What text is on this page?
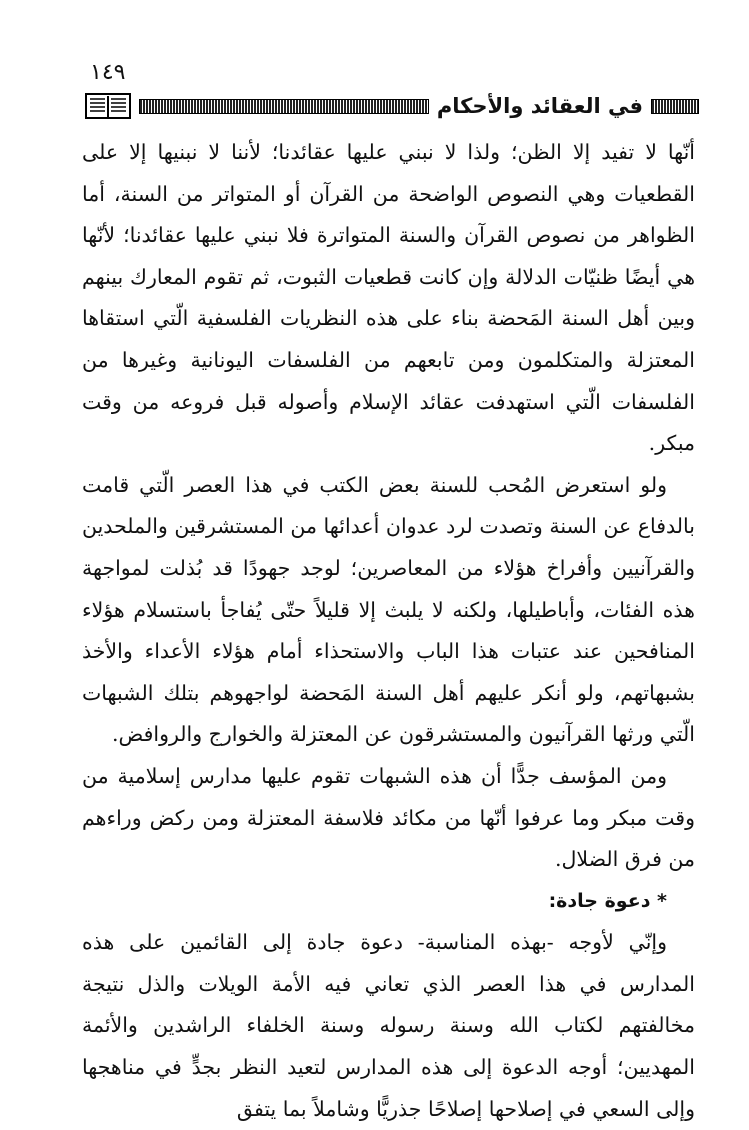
١٤٩
في العقائد والأحكام

أنّها لا تفيد إلا الظن؛ ولذا لا نبني عليها عقائدنا؛ لأننا لا نبنيها إلا على القطعيات وهي النصوص الواضحة من القرآن أو المتواتر من السنة، أما الظواهر من نصوص القرآن والسنة المتواترة فلا نبني عليها عقائدنا؛ لأنّها هي أيضًا ظنيّات الدلالة وإن كانت قطعيات الثبوت، ثم تقوم المعارك بينهم وبين أهل السنة المَحضة بناء على هذه النظريات الفلسفية الّتي استقاها المعتزلة والمتكلمون ومن تابعهم من الفلسفات اليونانية وغيرها من الفلسفات الّتي استهدفت عقائد الإسلام وأصوله قبل فروعه من وقت مبكر.

ولو استعرض المُحب للسنة بعض الكتب في هذا العصر الّتي قامت بالدفاع عن السنة وتصدت لرد عدوان أعدائها من المستشرقين والملحدين والقرآنيين وأفراخ هؤلاء من المعاصرين؛ لوجد جهودًا قد بُذلت لمواجهة هذه الفئات، وأباطيلها، ولكنه لا يلبث إلا قليلاً حتّى يُفاجأ باستسلام هؤلاء المنافحين عند عتبات هذا الباب والاستحذاء أمام هؤلاء الأعداء والأخذ بشبهاتهم، ولو أنكر عليهم أهل السنة المَحضة لواجهوهم بتلك الشبهات الّتي ورثها القرآنيون والمستشرقون عن المعتزلة والخوارج والروافض.

ومن المؤسف جدًّا أن هذه الشبهات تقوم عليها مدارس إسلامية من وقت مبكر وما عرفوا أنّها من مكائد فلاسفة المعتزلة ومن ركض وراءهم من فرق الضلال.

* دعوة جادة:

وإنّي لأوجه -بهذه المناسبة- دعوة جادة إلى القائمين على هذه المدارس في هذا العصر الذي تعاني فيه الأمة الويلات والذل نتيجة مخالفتهم لكتاب الله وسنة رسوله وسنة الخلفاء الراشدين والأئمة المهديين؛ أوجه الدعوة إلى هذه المدارس لتعيد النظر بجدٍّ في مناهجها وإلى السعي في إصلاحها إصلاحًا جذريًّا وشاملاً بما يتفق
